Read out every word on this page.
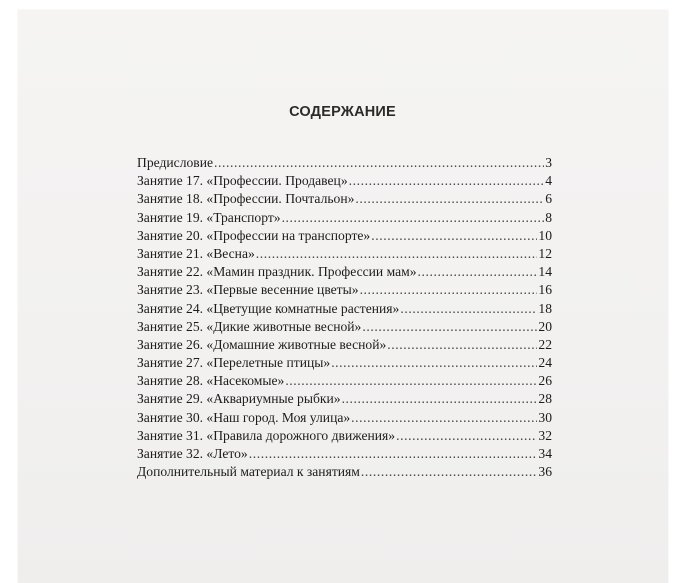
СОДЕРЖАНИЕ
Предисловие .....	3
Занятие 17. «Профессии. Продавец» .....	4
Занятие 18. «Профессии. Почтальон» .....	6
Занятие 19. «Транспорт» .....	8
Занятие 20. «Профессии на транспорте» .....	10
Занятие 21. «Весна» .....	12
Занятие 22. «Мамин праздник. Профессии мам» .....	14
Занятие 23. «Первые весенние цветы» .....	16
Занятие 24. «Цветущие комнатные растения» .....	18
Занятие 25. «Дикие животные весной» .....	20
Занятие 26. «Домашние животные весной» .....	22
Занятие 27. «Перелетные птицы» .....	24
Занятие 28. «Насекомые» .....	26
Занятие 29. «Аквариумные рыбки» .....	28
Занятие 30. «Наш город. Моя улица» .....	30
Занятие 31. «Правила дорожного движения» .....	32
Занятие 32. «Лето» .....	34
Дополнительный материал к занятиям .....	36
